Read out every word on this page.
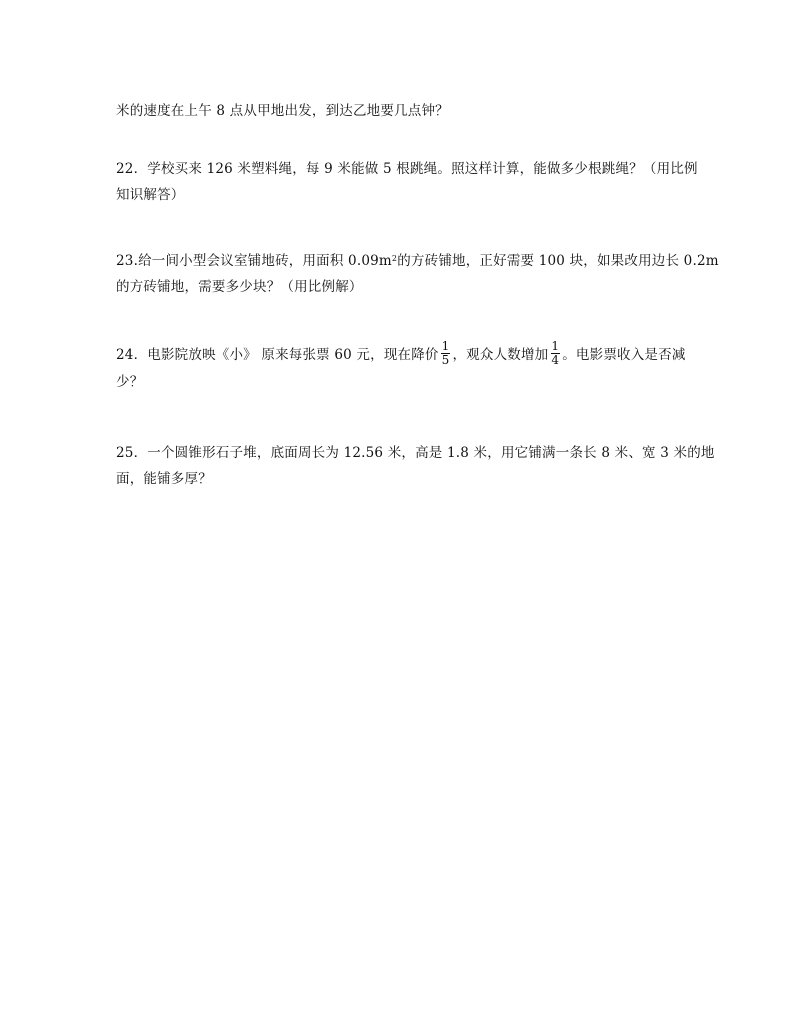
米的速度在上午 8 点从甲地出发，到达乙地要几点钟？
22．学校买来 126 米塑料绳，每 9 米能做 5 根跳绳。照这样计算，能做多少根跳绳？（用比例
知识解答）
23.给一间小型会议室铺地砖，用面积 $0.09m^2$的方砖铺地，正好需要 100 块，如果改用边长 0.2m
的方砖铺地，需要多少块？（用比例解）
24．电影院放映《小》 原来每张票 60 元，现在降价 $\frac{1}{5}$ ，观众人数增加 $\frac{1}{4}$ 。电影票收入是否减
少？
25．一个圆锥形石子堆，底面周长为 12.56 米，高是 1.8 米，用它铺满一条长 8 米、宽 3 米的地
面，能铺多厚？
